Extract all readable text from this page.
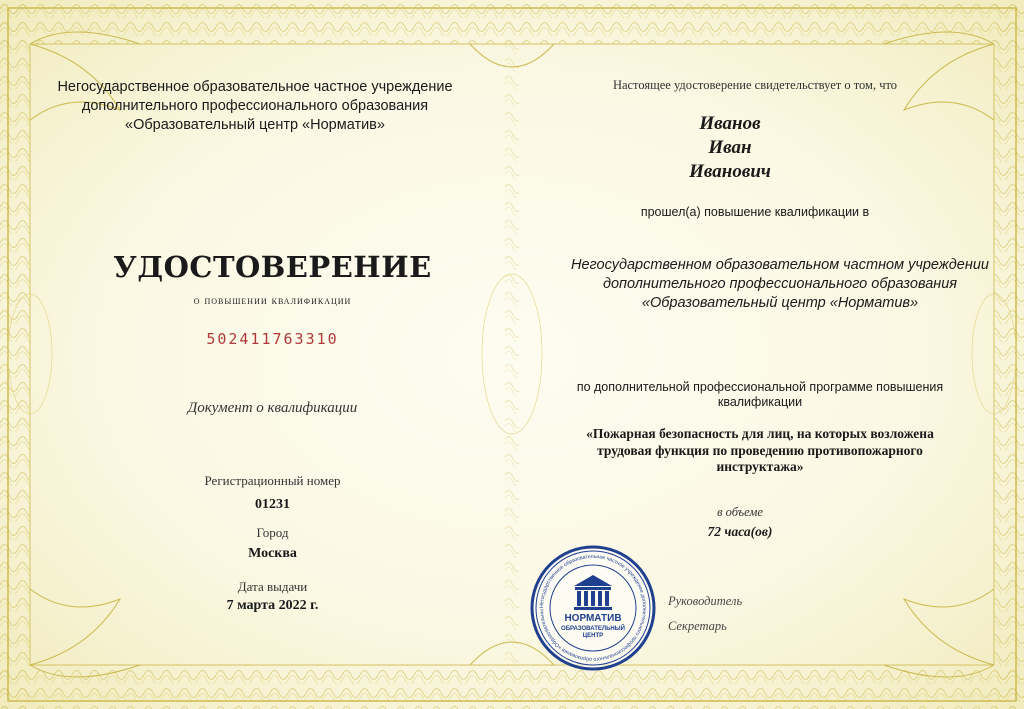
Негосударственное образовательное частное учреждение дополнительного профессионального образования «Образовательный центр «Норматив»
УДОСТОВЕРЕНИЕ
о повышении квалификации
502411763310
Документ о квалификации
Регистрационный номер
01231
Город
Москва
Дата выдачи
7 марта 2022 г.
Настоящее удостоверение свидетельствует о том, что
Иванов
Иван
Иванович
прошел(а) повышение квалификации в
Негосударственном образовательном частном учреждении дополнительного профессионального образования «Образовательный центр «Норматив»
по дополнительной профессиональной программе повышения квалификации
«Пожарная безопасность для лиц, на которых возложена трудовая функция по проведению противопожарного инструктажа»
в объеме
72 часа(ов)
Руководитель
Секретарь
Негосударственное образовательное частное учреждение дополнительного профессионального образования «Образовательны
НОРМАТИВ
ОБРАЗОВАТЕЛЬНЫЙ
ЦЕНТР
